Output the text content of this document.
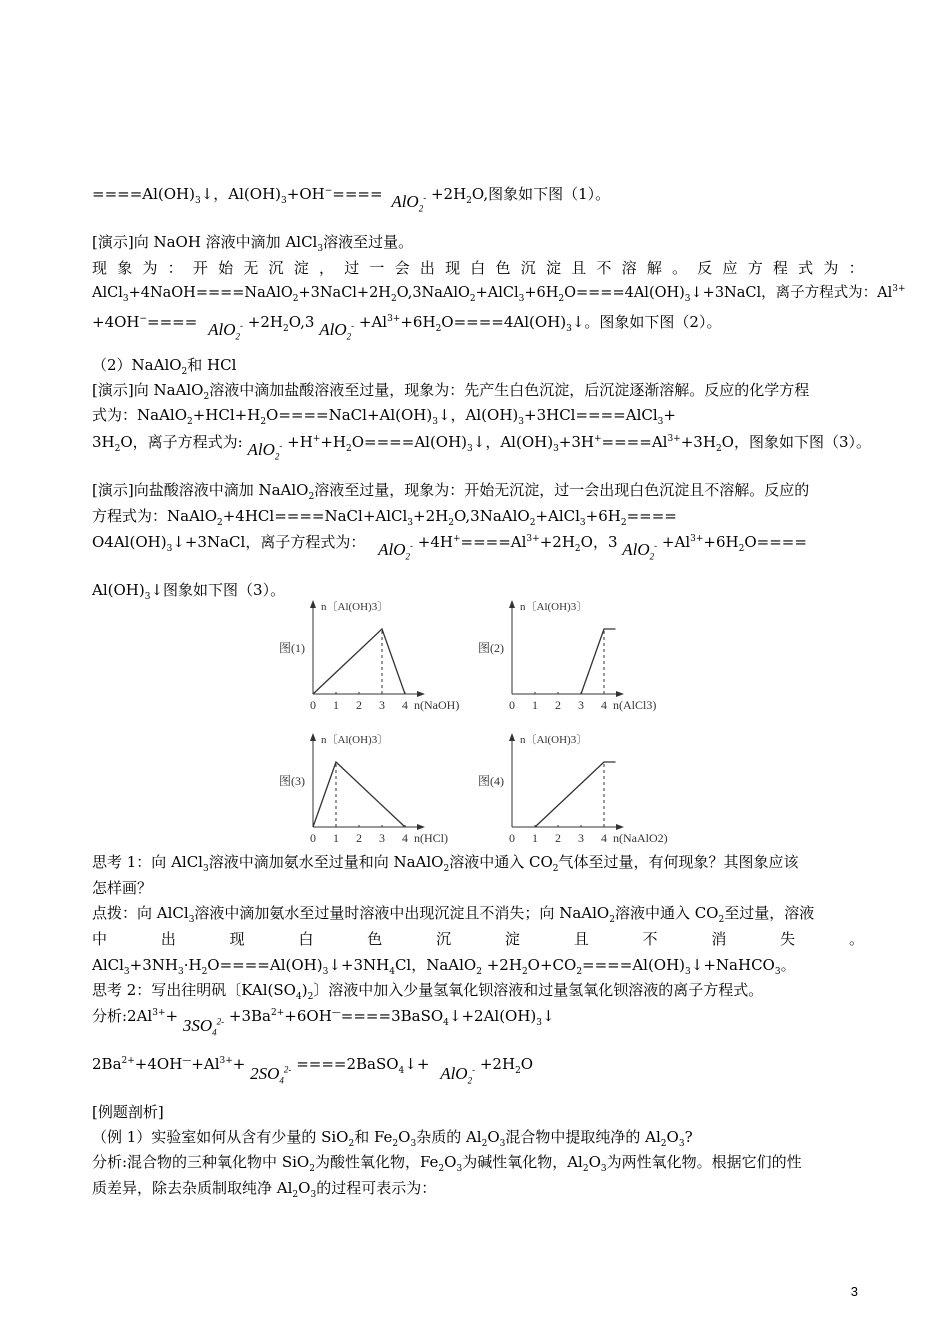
$====Al(OH)_3↓$，$Al(OH)_3+OH^-==== AlO_2^- +2H_2O$,图象如下图（1）。
[演示]向 NaOH 溶液中滴加 AlCl$_3$溶液至过量。
现 象 为 ： 开 始 无 沉 淀 ， 过 一 会 出 现 白 色 沉 淀 且 不 溶 解 。 反 应 方 程 式 为 ：
$AlCl_3+4NaOH====NaAlO_2+3NaCl+2H_2O,3NaAlO_2+AlCl_3+6H_2O====4Al(OH)_3↓+3NaCl$，离子方程式为：$Al^{3+}$
$+4OH^-==== AlO_2^- +2H_2O,3$ $AlO_2^- +Al^{3+}+6H_2O====4Al(OH)_3↓$。图象如下图（2）。
（2）NaAlO$_2$和 HCl
[演示]向 NaAlO$_2$溶液中滴加盐酸溶液至过量，现象为：先产生白色沉淀，后沉淀逐渐溶解。反应的化学方程
式为：$NaAlO_2+HCl+H_2O====NaCl+Al(OH)_3↓$，$Al(OH)_3+3HCl====AlCl_3+$
$3H_2O$，离子方程式为: $AlO_2^- +H^++H_2O====Al(OH)_3↓$，$Al(OH)_3+3H^+====Al^{3+}+3H_2O$，图象如下图（3）。
[演示]向盐酸溶液中滴加 NaAlO$_2$溶液至过量，现象为：开始无沉淀，过一会出现白色沉淀且不溶解。反应的
方程式为：$NaAlO_2+4HCl====NaCl+AlCl_3+2H_2O,3NaAlO_2+AlCl_3+6H_2====$
$O4Al(OH)_3↓+3NaCl$，离子方程式为： $AlO_2^- +4H^+====Al^{3+}+2H_2O$，3 $AlO_2^- +Al^{3+}+6H_2O====$
$Al(OH)_3↓$图象如下图（3）。
n〔Al(OH)3〕
图(1)
0 1 2 3 4 n(NaOH)
n〔Al(OH)3〕
图(2)
0 1 2 3 4 n(AlCl3)
n〔Al(OH)3〕
图(3)
0 1 2 3 4 n(HCl)
n〔Al(OH)3〕
图(4)
0 1 2 3 4 n(NaAlO2)
思考 1：向 AlCl$_3$溶液中滴加氨水至过量和向 NaAlO$_2$溶液中通入 $CO_2$气体至过量，有何现象？其图象应该
怎样画？
点拨：向 AlCl$_3$溶液中滴加氨水至过量时溶液中出现沉淀且不消失；向 NaAlO$_2$溶液中通入 $CO_2$至过量，溶液
中	出	现	白	色	沉	淀	且	不	消	失	。
$AlCl_3+3NH_3\cdot H_2O====Al(OH)_3↓+3NH_4Cl$，NaAlO$_2$ $+2H_2O+CO_2====Al(OH)_3↓+NaHCO_3$。
思考 2：写出往明矾〔$KAl(SO_4)_2$〕溶液中加入少量氢氧化钡溶液和过量氢氧化钡溶液的离子方程式。
分析$:2Al^{3+}+ 3SO_4^{2-}$ $+3Ba^{2+}+6OH^—====3BaSO_4↓+2Al(OH)_3↓$
$2Ba^{2+}+4OH^—+Al^{3+}+ 2SO_4^{2-}$ ====2BaSO$_4$↓+ $AlO_2^- +2H_2O$
[例题剖析]
（例 1）实验室如何从含有少量的 SiO$_2$和 $Fe_2O_3$杂质的 $Al_2O_3$混合物中提取纯净的 $Al_2O_3$?
分析:混合物的三种氧化物中 SiO$_2$为酸性氧化物，$Fe_2O_3$为碱性氧化物，$Al_2O_3$为两性氧化物。根据它们的性
质差异，除去杂质制取纯净 $Al_2O_3$的过程可表示为：
3
